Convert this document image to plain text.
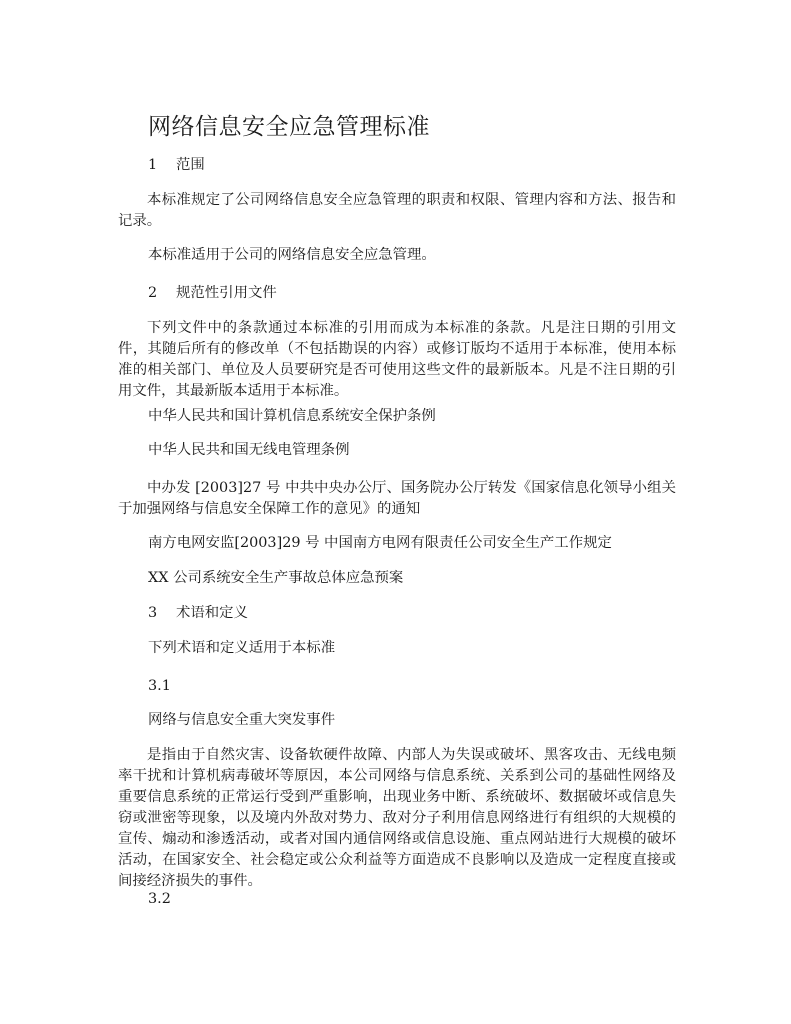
网络信息安全应急管理标准
1 范围
本标准规定了公司网络信息安全应急管理的职责和权限、管理内容和方法、报告和记录。
本标准适用于公司的网络信息安全应急管理。
2 规范性引用文件
下列文件中的条款通过本标准的引用而成为本标准的条款。凡是注日期的引用文件，其随后所有的修改单（不包括勘误的内容）或修订版均不适用于本标准，使用本标准的相关部门、单位及人员要研究是否可使用这些文件的最新版本。凡是不注日期的引用文件，其最新版本适用于本标准。
中华人民共和国计算机信息系统安全保护条例
中华人民共和国无线电管理条例
中办发 [2003]27 号 中共中央办公厅、国务院办公厅转发《国家信息化领导小组关于加强网络与信息安全保障工作的意见》的通知
南方电网安监[2003]29 号 中国南方电网有限责任公司安全生产工作规定
XX 公司系统安全生产事故总体应急预案
3 术语和定义
下列术语和定义适用于本标准
3.1
网络与信息安全重大突发事件
是指由于自然灾害、设备软硬件故障、内部人为失误或破坏、黑客攻击、无线电频率干扰和计算机病毒破坏等原因，本公司网络与信息系统、关系到公司的基础性网络及重要信息系统的正常运行受到严重影响，出现业务中断、系统破坏、数据破坏或信息失窃或泄密等现象，以及境内外敌对势力、敌对分子利用信息网络进行有组织的大规模的宣传、煽动和渗透活动，或者对国内通信网络或信息设施、重点网站进行大规模的破坏活动，在国家安全、社会稳定或公众利益等方面造成不良影响以及造成一定程度直接或间接经济损失的事件。
3.2
